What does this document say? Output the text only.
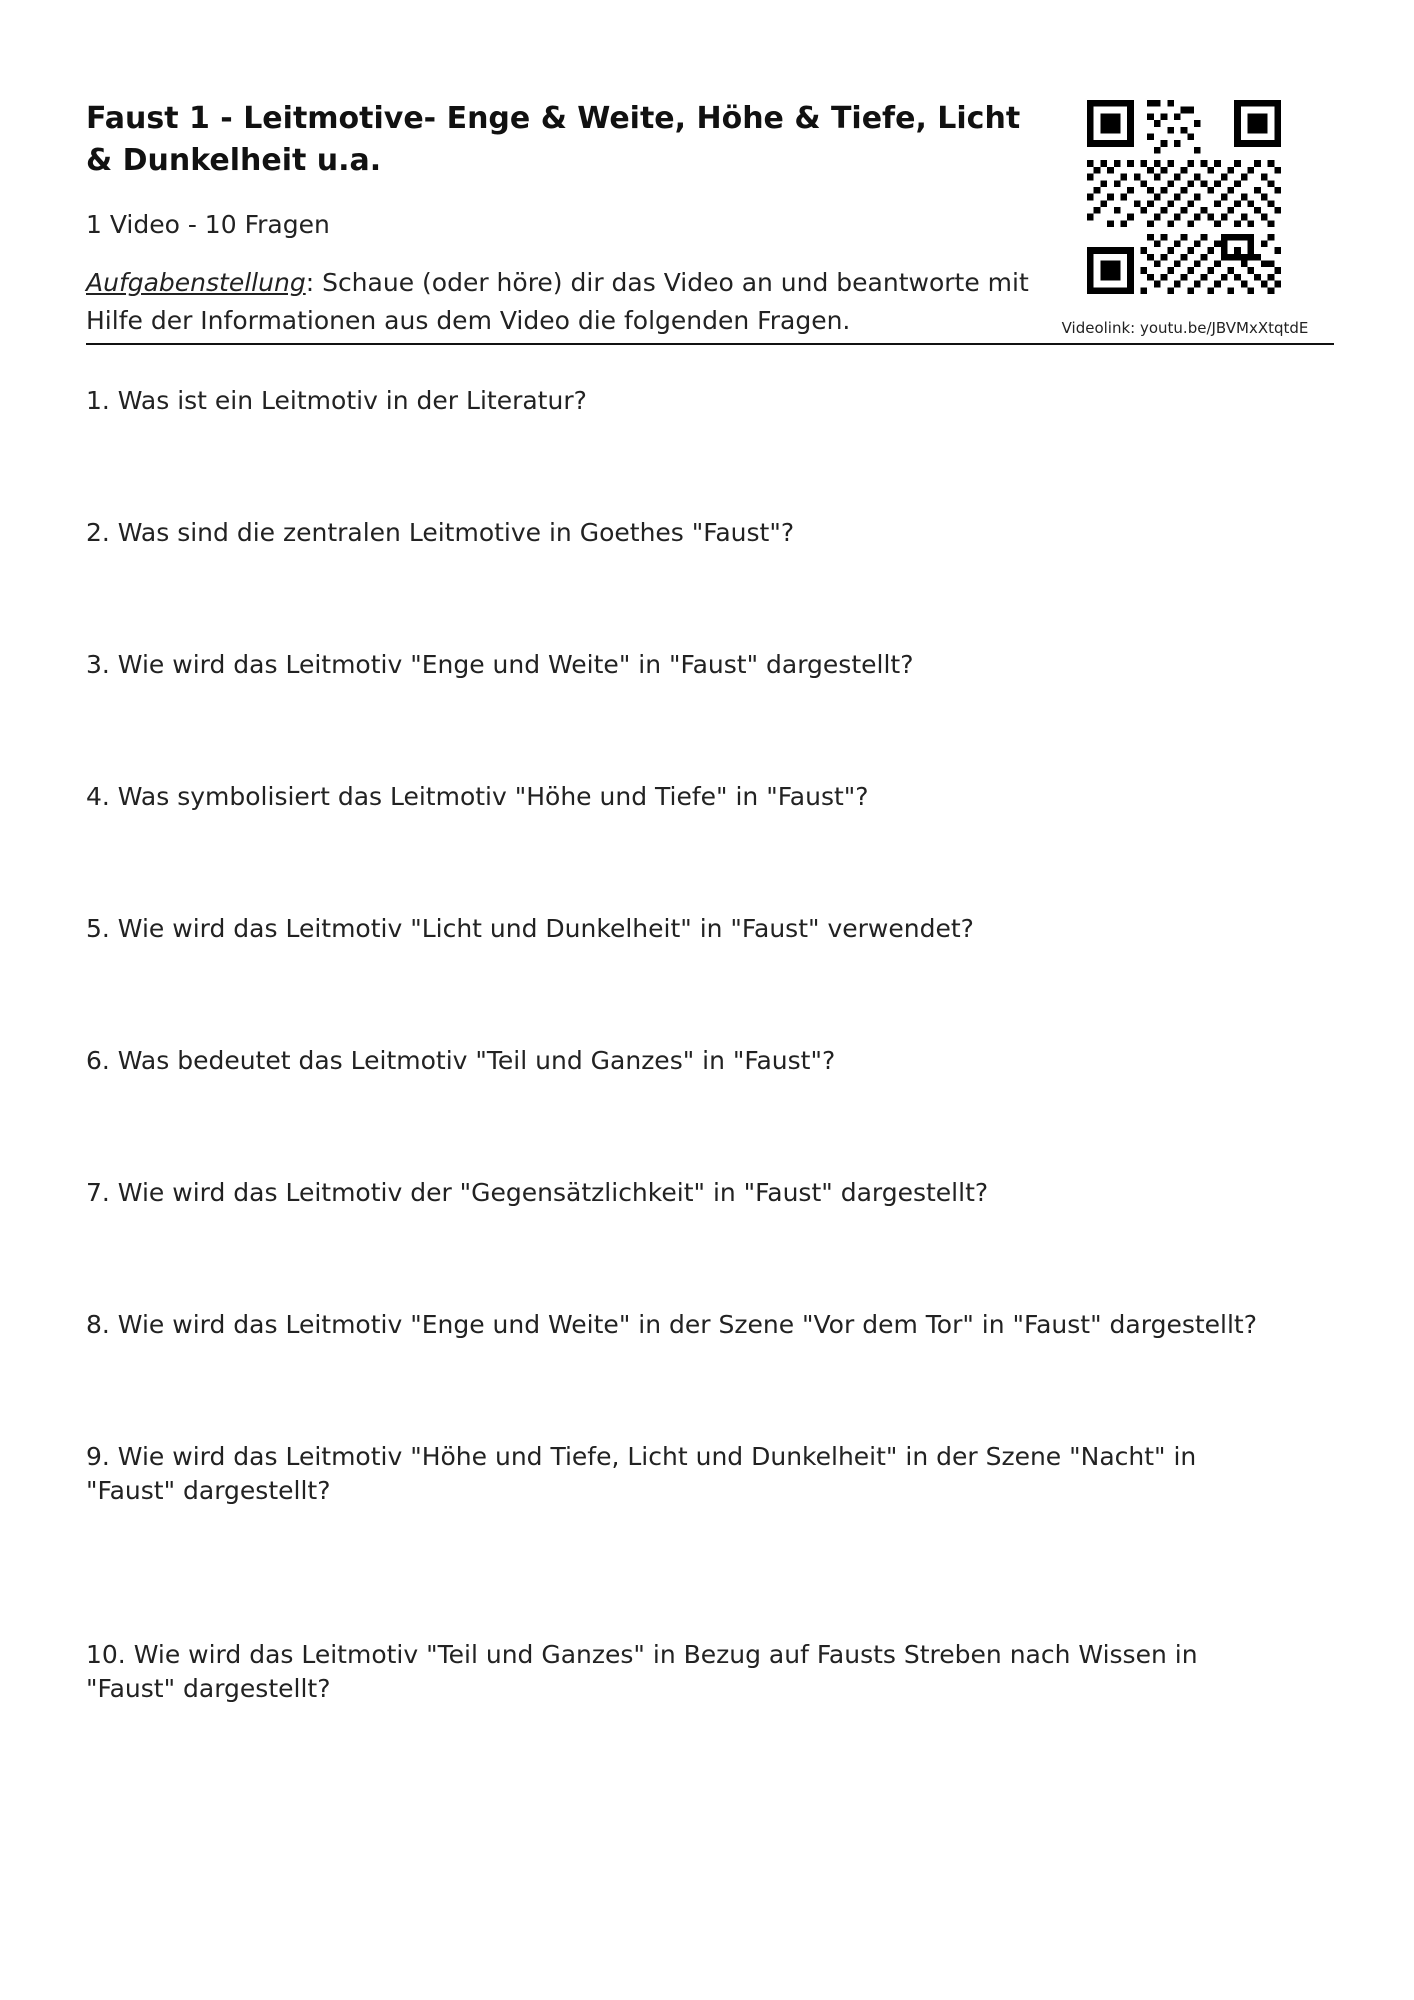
Faust 1 - Leitmotive- Enge & Weite, Höhe & Tiefe, Licht & Dunkelheit u.a.
1 Video - 10 Fragen
Aufgabenstellung: Schaue (oder höre) dir das Video an und beantworte mit Hilfe der Informationen aus dem Video die folgenden Fragen.	Videolink: youtu.be/JBVMxXtqtdE
1. Was ist ein Leitmotiv in der Literatur?
2. Was sind die zentralen Leitmotive in Goethes "Faust"?
3. Wie wird das Leitmotiv "Enge und Weite" in "Faust" dargestellt?
4. Was symbolisiert das Leitmotiv "Höhe und Tiefe" in "Faust"?
5. Wie wird das Leitmotiv "Licht und Dunkelheit" in "Faust" verwendet?
6. Was bedeutet das Leitmotiv "Teil und Ganzes" in "Faust"?
7. Wie wird das Leitmotiv der "Gegensätzlichkeit" in "Faust" dargestellt?
8. Wie wird das Leitmotiv "Enge und Weite" in der Szene "Vor dem Tor" in "Faust" dargestellt?
9. Wie wird das Leitmotiv "Höhe und Tiefe, Licht und Dunkelheit" in der Szene "Nacht" in "Faust" dargestellt?
10. Wie wird das Leitmotiv "Teil und Ganzes" in Bezug auf Fausts Streben nach Wissen in "Faust" dargestellt?
